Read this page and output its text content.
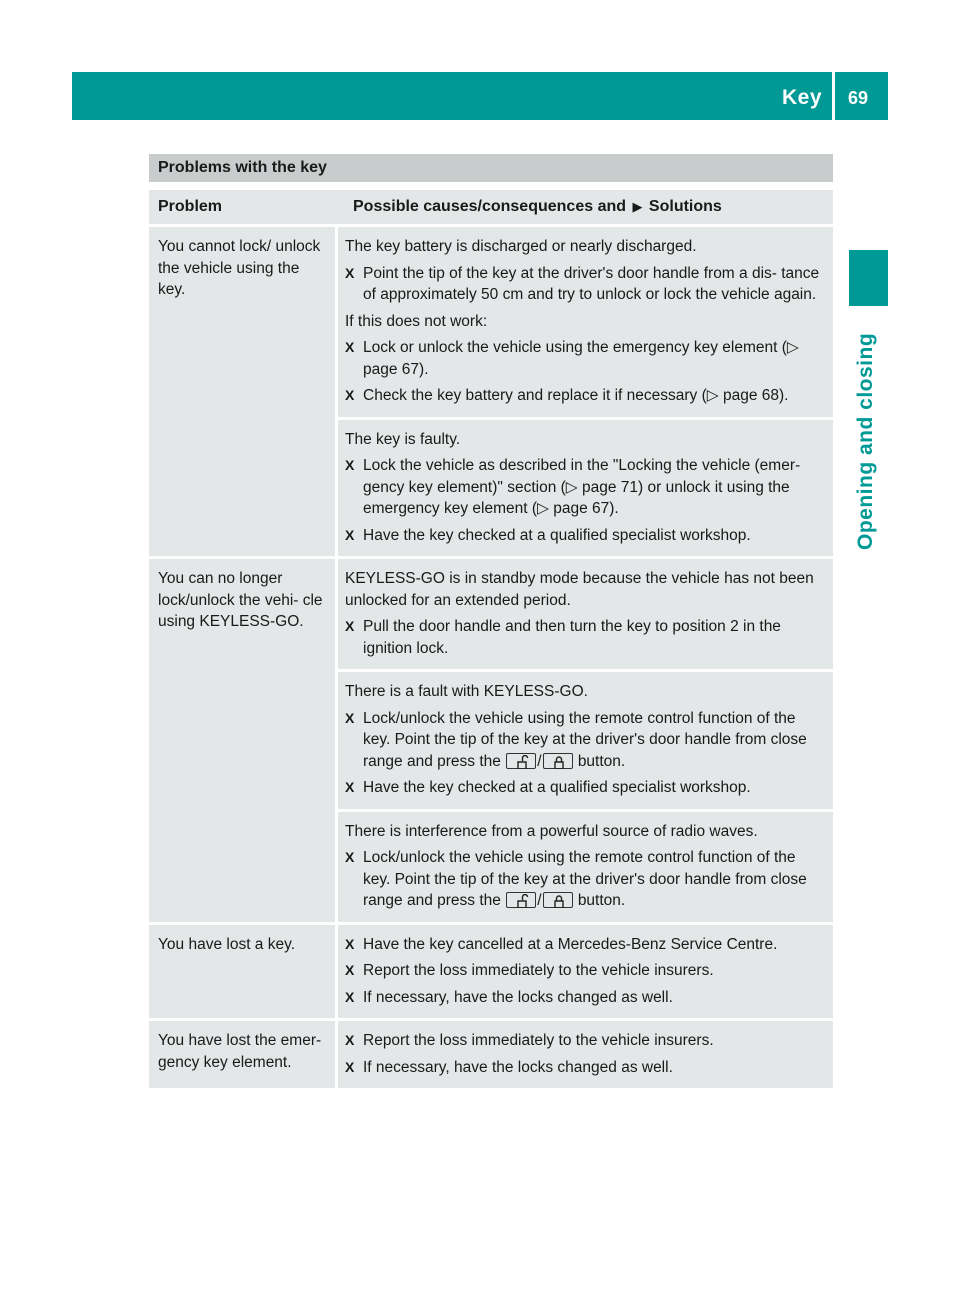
Key 69
Opening and closing
Problems with the key
Problem	Possible causes/consequences and ▶ Solutions
You cannot lock/ unlock the vehicle using the key.
The key battery is discharged or nearly discharged.
X Point the tip of the key at the driver's door handle from a dis- tance of approximately 50 cm and try to unlock or lock the vehicle again.
If this does not work:
X Lock or unlock the vehicle using the emergency key element (▷ page 67).
X Check the key battery and replace it if necessary (▷ page 68).
The key is faulty.
X Lock the vehicle as described in the "Locking the vehicle (emer- gency key element)" section (▷ page 71) or unlock it using the emergency key element (▷ page 67).
X Have the key checked at a qualified specialist workshop.
You can no longer lock/unlock the vehi- cle using KEYLESS-GO.
KEYLESS-GO is in standby mode because the vehicle has not been unlocked for an extended period.
X Pull the door handle and then turn the key to position 2 in the ignition lock.
There is a fault with KEYLESS-GO.
X Lock/unlock the vehicle using the remote control function of the key. Point the tip of the key at the driver's door handle from close range and press the / button.
X Have the key checked at a qualified specialist workshop.
There is interference from a powerful source of radio waves.
X Lock/unlock the vehicle using the remote control function of the key. Point the tip of the key at the driver's door handle from close range and press the / button.
You have lost a key.	X Have the key cancelled at a Mercedes-Benz Service Centre.
X Report the loss immediately to the vehicle insurers.
X If necessary, have the locks changed as well.
You have lost the emer- gency key element.
X Report the loss immediately to the vehicle insurers.
X If necessary, have the locks changed as well.
